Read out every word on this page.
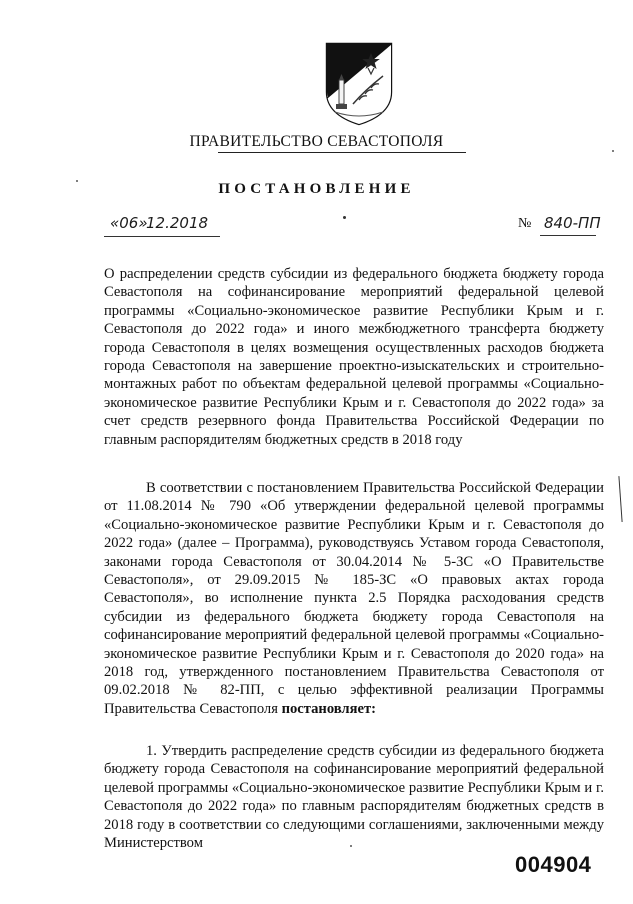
ПРАВИТЕЛЬСТВО СЕВАСТОПОЛЯ
ПОСТАНОВЛЕНИЕ
«06»
12.2018	№ 840-ПП

О распределении средств субсидии из федерального бюджета бюджету города Севастополя на софинансирование мероприятий федеральной целевой программы «Социально-экономическое развитие Республики Крым и г. Севастополя до 2022 года» и иного межбюджетного трансферта бюджету города Севастополя в целях возмещения осуществленных расходов бюджета города Севастополя на завершение проектно-изыскательских и строительно-монтажных работ по объектам федеральной целевой программы «Социально-экономическое развитие Республики Крым и г. Севастополя до 2022 года» за счет средств резервного фонда Правительства Российской Федерации по главным распорядителям бюджетных средств в 2018 году

В соответствии с постановлением Правительства Российской Федерации от 11.08.2014 № 790 «Об утверждении федеральной целевой программы «Социально-экономическое развитие Республики Крым и г. Севастополя до 2022 года» (далее – Программа), руководствуясь Уставом города Севастополя, законами города Севастополя от 30.04.2014 № 5-ЗС «О Правительстве Севастополя», от 29.09.2015 № 185-ЗС «О правовых актах города Севастополя», во исполнение пункта 2.5 Порядка расходования средств субсидии из федерального бюджета бюджету города Севастополя на софинансирование мероприятий федеральной целевой программы «Социально-экономическое развитие Республики Крым и г. Севастополя до 2020 года» на 2018 год, утвержденного постановлением Правительства Севастополя от 09.02.2018 № 82-ПП, с целью эффективной реализации Программы Правительства Севастополя постановляет:

1. Утвердить распределение средств субсидии из федерального бюджета бюджету города Севастополя на софинансирование мероприятий федеральной целевой программы «Социально-экономическое развитие Республики Крым и г. Севастополя до 2022 года» по главным распорядителям бюджетных средств в 2018 году в соответствии со следующими соглашениями, заключенными между Министерством

004904
